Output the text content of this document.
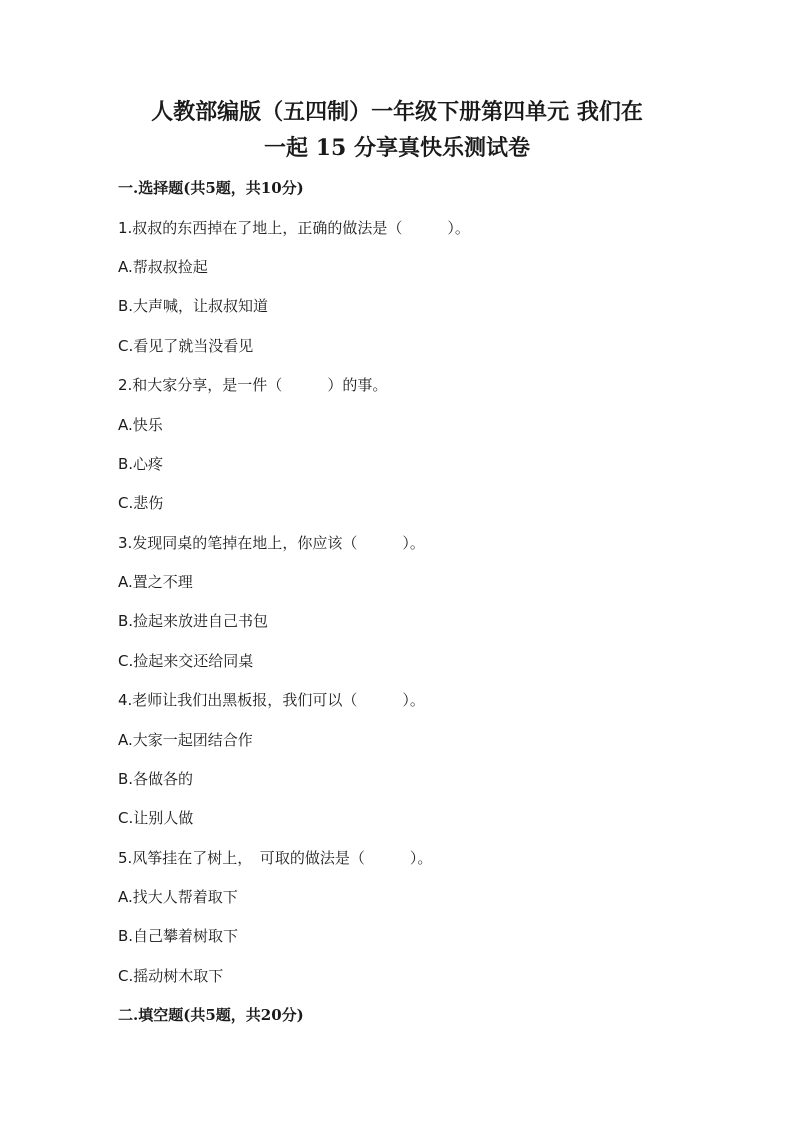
人教部编版（五四制）一年级下册第四单元 我们在
一起 15 分享真快乐测试卷
一.选择题(共5题，共10分)
1.叔叔的东西掉在了地上，正确的做法是（　　　）。
A.帮叔叔捡起
B.大声喊，让叔叔知道
C.看见了就当没看见
2.和大家分享，是一件（　　　）的事。
A.快乐
B.心疼
C.悲伤
3.发现同桌的笔掉在地上，你应该（　　　）。
A.置之不理
B.捡起来放进自己书包
C.捡起来交还给同桌
4.老师让我们出黑板报，我们可以（　　　）。
A.大家一起团结合作
B.各做各的
C.让别人做
5.风筝挂在了树上，　可取的做法是（　　　）。
A.找大人帮着取下
B.自己攀着树取下
C.摇动树木取下
二.填空题(共5题，共20分)
